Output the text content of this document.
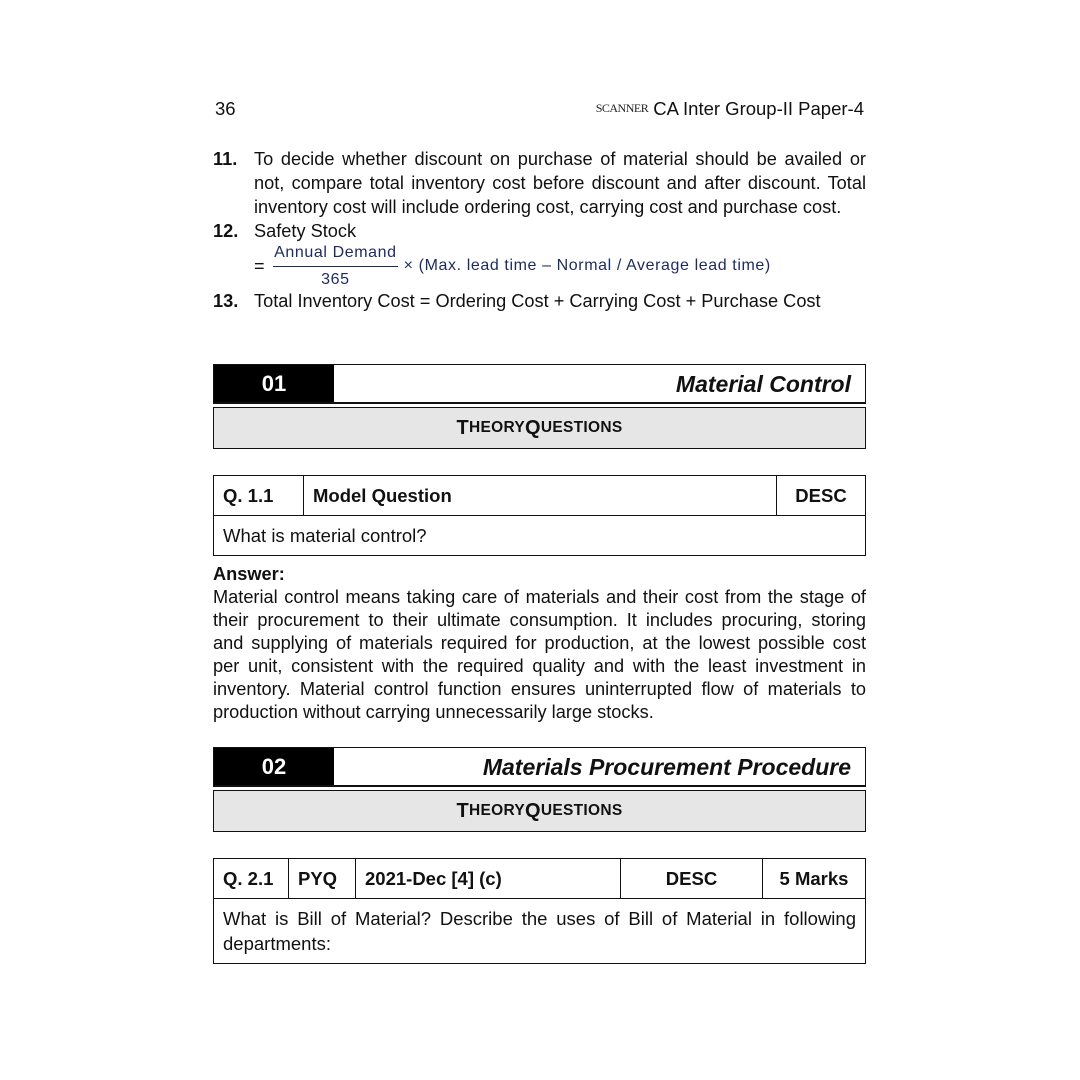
36	SCANNER CA Inter Group-II Paper-4
11. To decide whether discount on purchase of material should be availed or not, compare total inventory cost before discount and after discount. Total inventory cost will include ordering cost, carrying cost and purchase cost.
12. Safety Stock
= $\frac{\text{Annual Demand}}{365} \times (Max$. lead time – Normal / Average lead time)
13. Total Inventory Cost = Ordering Cost + Carrying Cost + Purchase Cost
01	Material Control
T HEORY Q UESTIONS
Q. 1.1	Model Question	DESC
What is material control?
Answer:
Material control means taking care of materials and their cost from the stage of their procurement to their ultimate consumption. It includes procuring, storing and supplying of materials required for production, at the lowest possible cost per unit, consistent with the required quality and with the least investment in inventory. Material control function ensures uninterrupted flow of materials to production without carrying unnecessarily large stocks.
02	Materials Procurement Procedure
T HEORY Q UESTIONS
Q. 2.1	PYQ	2021-Dec [4] (c)	DESC	5 Marks
What is Bill of Material? Describe the uses of Bill of Material in following departments:
